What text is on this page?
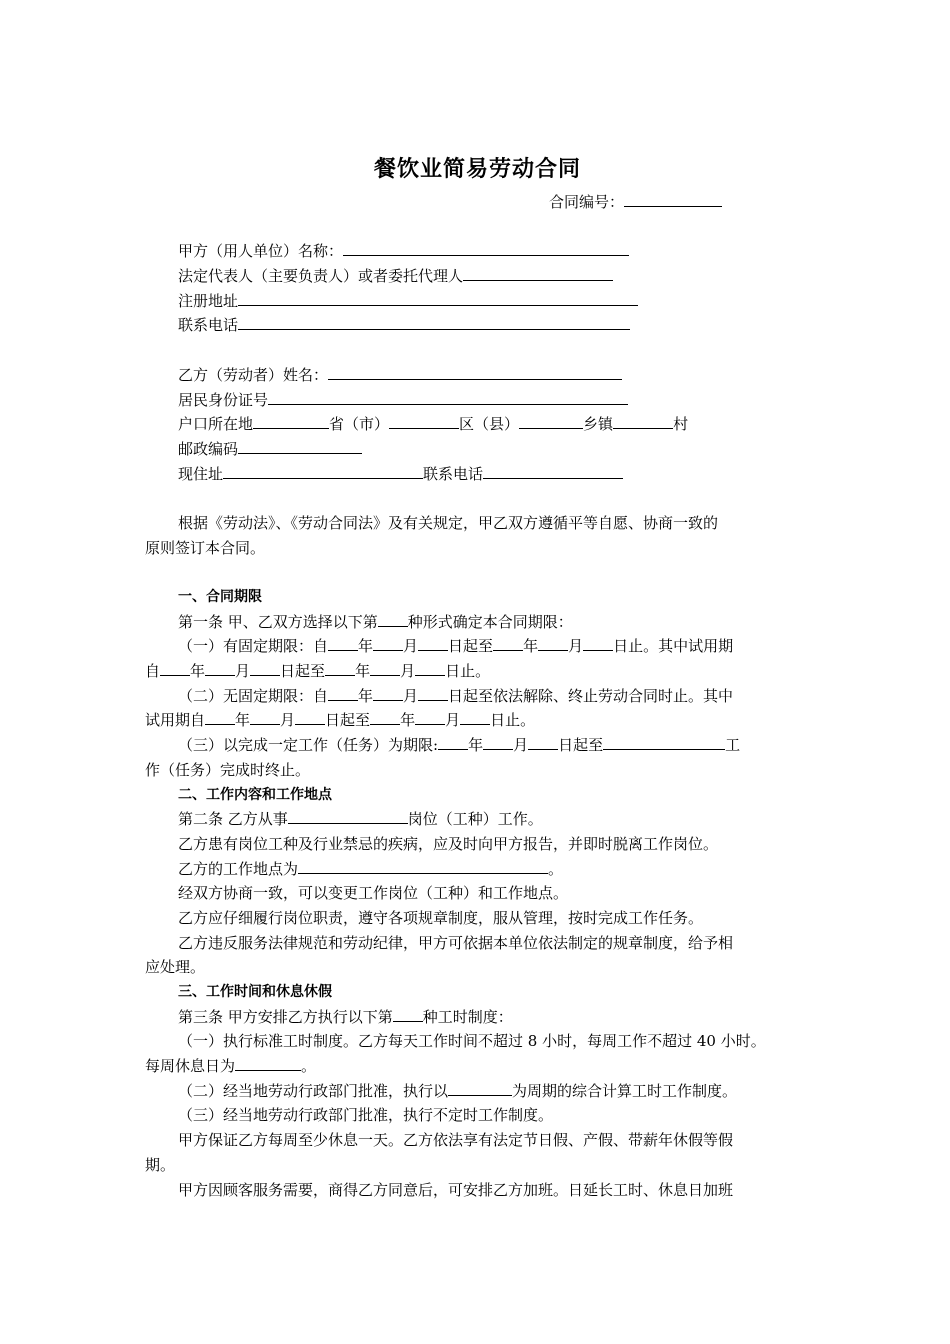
餐饮业简易劳动合同
合同编号：
甲方（用人单位）名称：
法定代表人（主要负责人）或者委托代理人
注册地址
联系电话
乙方（劳动者）姓名：
居民身份证号
户口所在地	省（市）	区（县）	乡镇	村
邮政编码
现住址	联系电话
根据《劳动法》、《劳动合同法》及有关规定，甲乙双方遵循平等自愿、协商一致的
原则签订本合同。
一、合同期限
第一条 甲、乙双方选择以下第 种形式确定本合同期限：
（一）有固定期限：自 年 月 日起至 年 月 日止。其中试用期
自 年 月 日起至 年 月 日止。
（二）无固定期限：自 年 月 日起至依法解除、终止劳动合同时止。其中
试用期自 年 月 日起至 年 月 日止。
（三）以完成一定工作（任务）为期限: 年 月 日起至	工
作（任务）完成时终止。
二、工作内容和工作地点
第二条 乙方从事	岗位（工种）工作。
乙方患有岗位工种及行业禁忌的疾病，应及时向甲方报告，并即时脱离工作岗位。
乙方的工作地点为	。
经双方协商一致，可以变更工作岗位（工种）和工作地点。
乙方应仔细履行岗位职责，遵守各项规章制度，服从管理，按时完成工作任务。
乙方违反服务法律规范和劳动纪律，甲方可依据本单位依法制定的规章制度，给予相
应处理。
三、工作时间和休息休假
第三条 甲方安排乙方执行以下第 种工时制度：
（一）执行标准工时制度。乙方每天工作时间不超过 8 小时，每周工作不超过 40 小时。
每周休息日为	。
（二）经当地劳动行政部门批准，执行以	为周期的综合计算工时工作制度。
（三）经当地劳动行政部门批准，执行不定时工作制度。
甲方保证乙方每周至少休息一天。乙方依法享有法定节日假、产假、带薪年休假等假
期。
甲方因顾客服务需要，商得乙方同意后，可安排乙方加班。日延长工时、休息日加班
